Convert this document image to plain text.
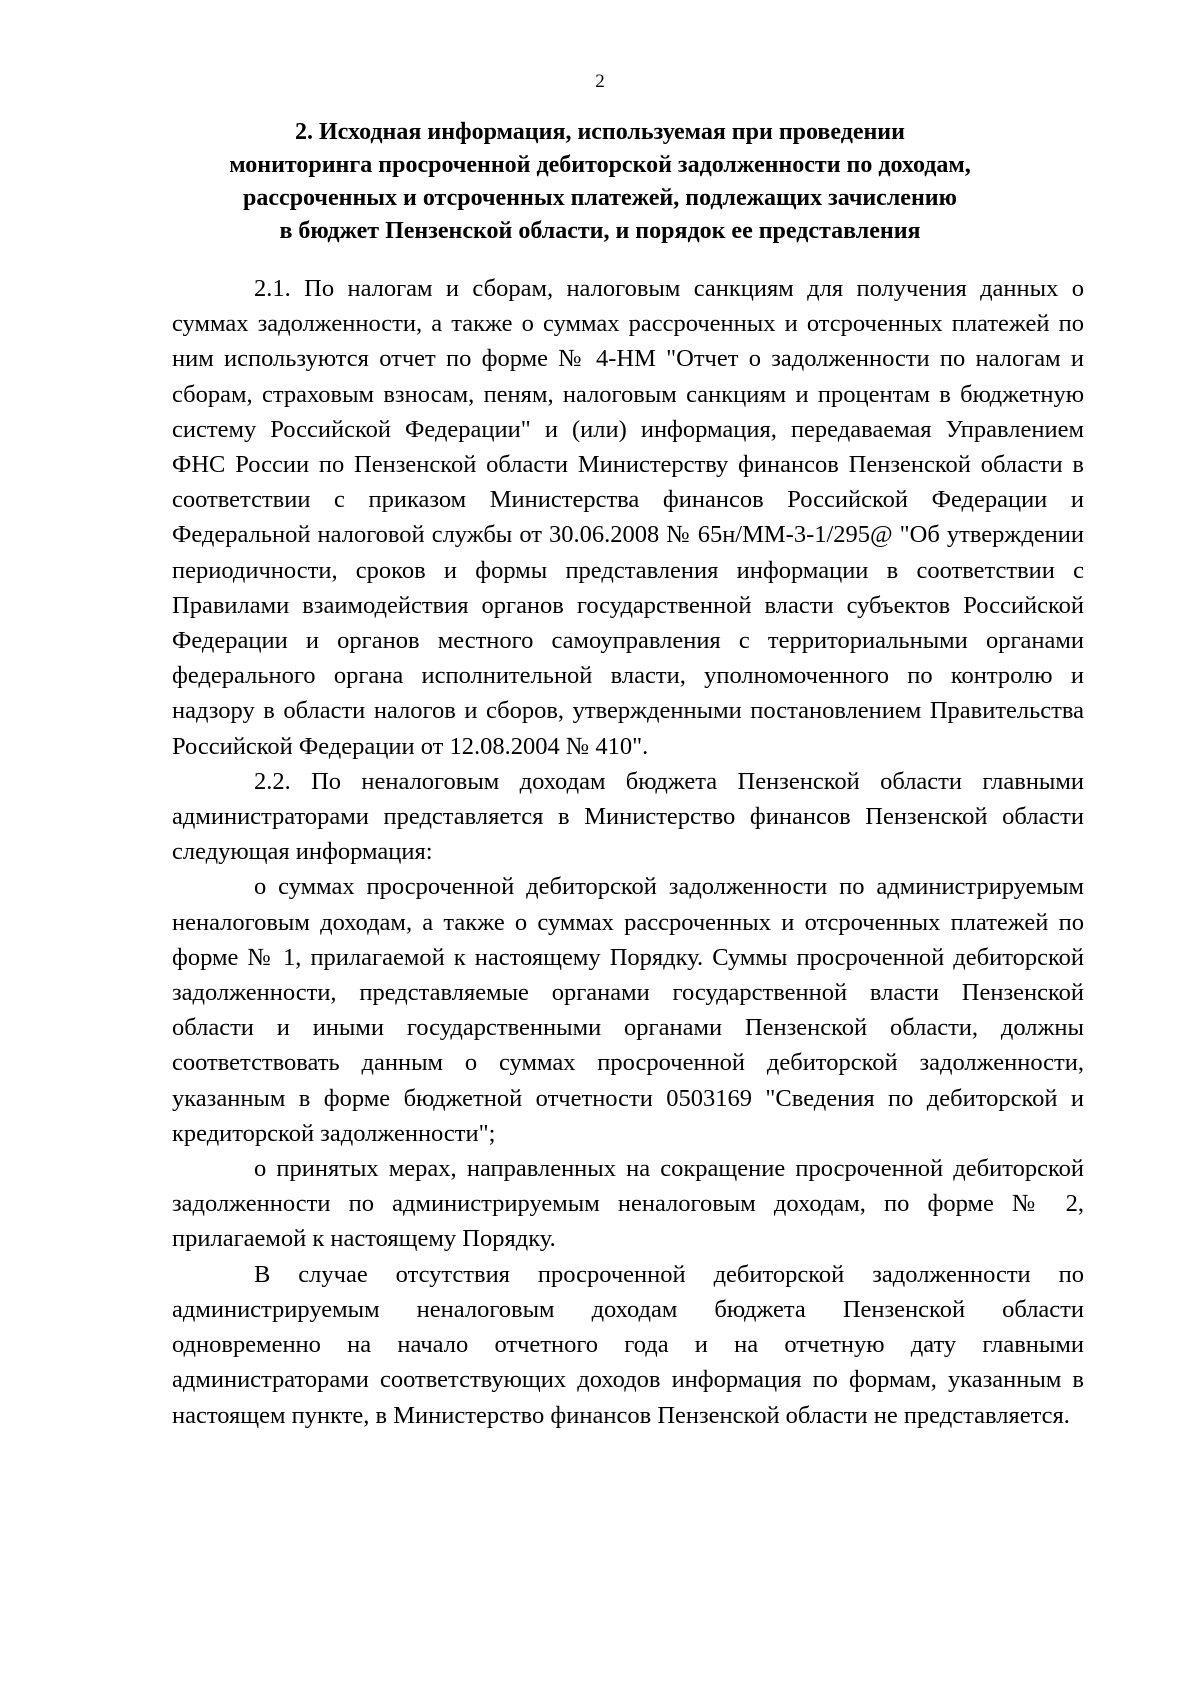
2
2. Исходная информация, используемая при проведении
мониторинга просроченной дебиторской задолженности по доходам,
рассроченных и отсроченных платежей, подлежащих зачислению
в бюджет Пензенской области, и порядок ее представления

2.1. По налогам и сборам, налоговым санкциям для получения данных о суммах задолженности, а также о суммах рассроченных и отсроченных платежей по ним используются отчет по форме № 4-НМ "Отчет о задолженности по налогам и сборам, страховым взносам, пеням, налоговым санкциям и процентам в бюджетную систему Российской Федерации" и (или) информация, передаваемая Управлением ФНС России по Пензенской области Министерству финансов Пензенской области в соответствии с приказом Министерства финансов Российской Федерации и Федеральной налоговой службы от 30.06.2008 № 65н/ММ-3-1/295@ "Об утверждении периодичности, сроков и формы представления информации в соответствии с Правилами взаимодействия органов государственной власти субъектов Российской Федерации и органов местного самоуправления с территориальными органами федерального органа исполнительной власти, уполномоченного по контролю и надзору в области налогов и сборов, утвержденными постановлением Правительства Российской Федерации от 12.08.2004 № 410".

2.2. По неналоговым доходам бюджета Пензенской области главными администраторами представляется в Министерство финансов Пензенской области следующая информация:

о суммах просроченной дебиторской задолженности по администрируемым неналоговым доходам, а также о суммах рассроченных и отсроченных платежей по форме № 1, прилагаемой к настоящему Порядку. Суммы просроченной дебиторской задолженности, представляемые органами государственной власти Пензенской области и иными государственными органами Пензенской области, должны соответствовать данным о суммах просроченной дебиторской задолженности, указанным в форме бюджетной отчетности 0503169 "Сведения по дебиторской и кредиторской задолженности";

о принятых мерах, направленных на сокращение просроченной дебиторской задолженности по администрируемым неналоговым доходам, по форме № 2, прилагаемой к настоящему Порядку.

В случае отсутствия просроченной дебиторской задолженности по администрируемым неналоговым доходам бюджета Пензенской области одновременно на начало отчетного года и на отчетную дату главными администраторами соответствующих доходов информация по формам, указанным в настоящем пункте, в Министерство финансов Пензенской области не представляется.
